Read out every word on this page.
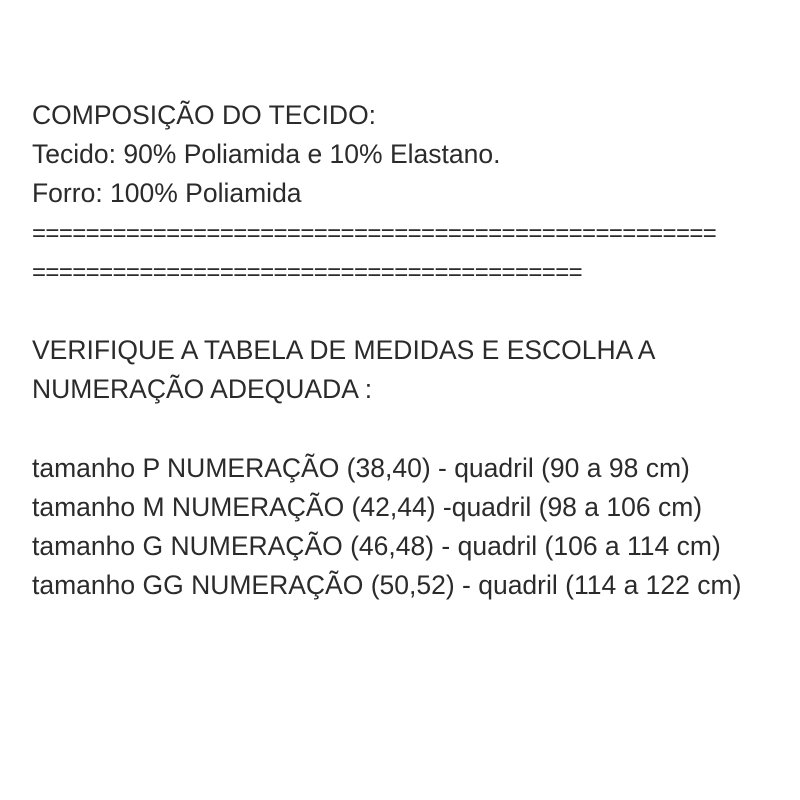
COMPOSIÇÃO DO TECIDO:
Tecido: 90% Poliamida e 10% Elastano.
Forro: 100% Poliamida
===================================================
=========================================
VERIFIQUE A TABELA DE MEDIDAS E ESCOLHA A NUMERAÇÃO ADEQUADA :
tamanho P NUMERAÇÃO (38,40) - quadril (90 a 98 cm)
tamanho M NUMERAÇÃO (42,44) -quadril (98 a 106 cm)
tamanho G NUMERAÇÃO (46,48) - quadril (106 a 114 cm)
tamanho GG NUMERAÇÃO (50,52) - quadril (114 a 122 cm)
